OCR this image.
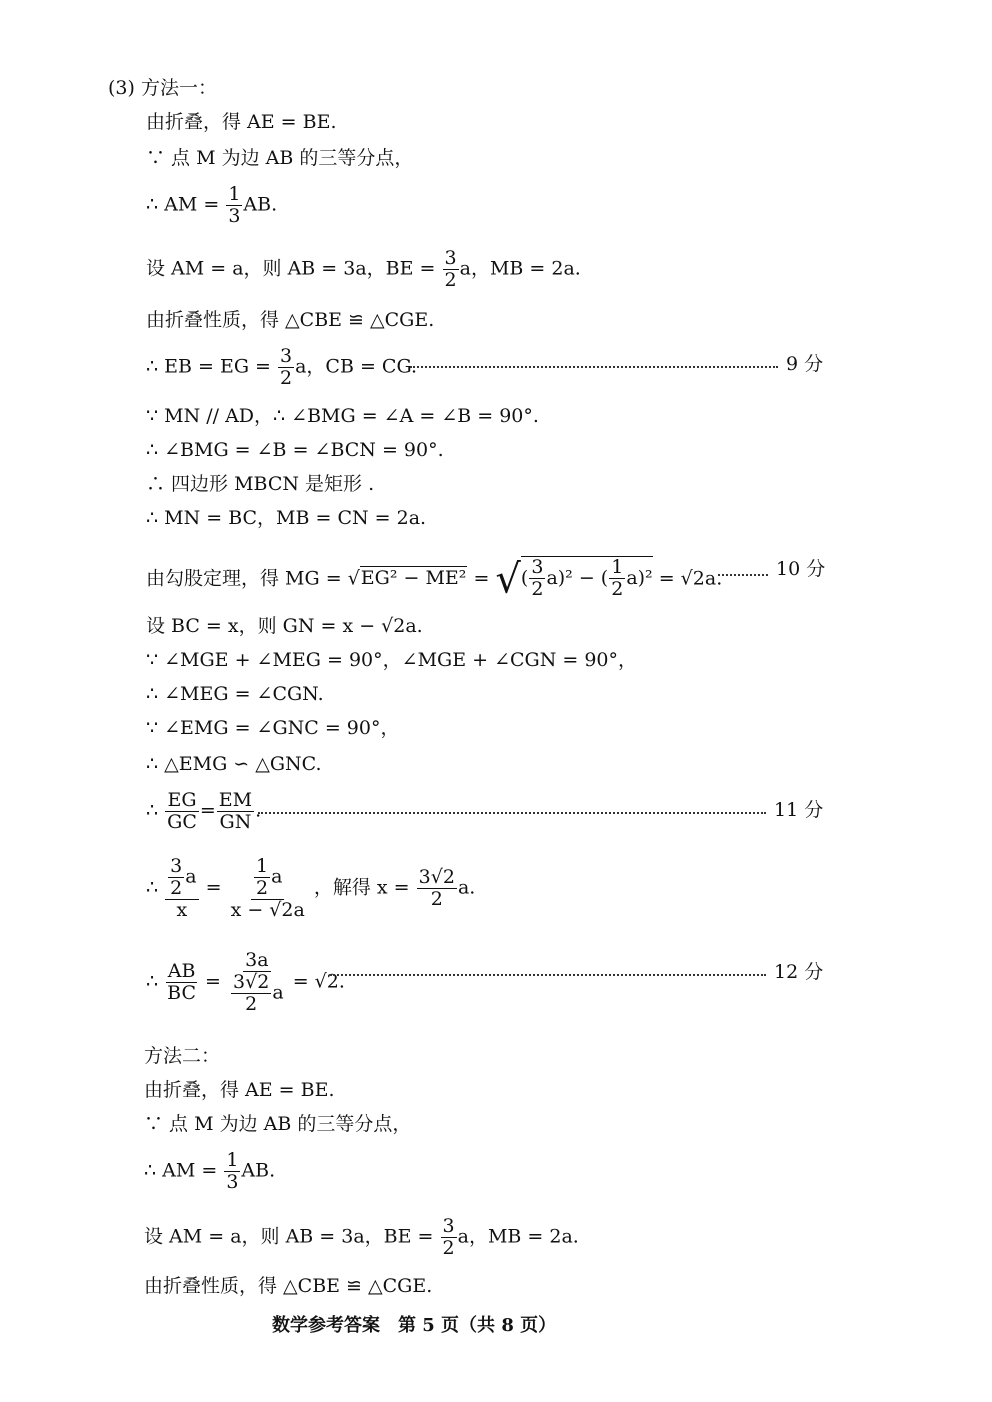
(3) 方法一：
由折叠，得 AE = BE.
∵ 点 M 为边 AB 的三等分点，
∴ AM = $\frac{1}{3}$ AB.
设 AM = a，则 AB = 3a，BE = $\frac{3}{2}$ a，MB = 2a.
由折叠性质，得 △CBE ≌ △CGE.
∴ EB = EG = $\frac{3}{2}$ a，CB = CG.	9 分
∵ MN // AD，∴ ∠BMG = ∠A = ∠B = 90°.
∴ ∠BMG = ∠B = ∠BCN = 90°.
∴ 四边形 MBCN 是矩形 .
∴ MN = BC，MB = CN = 2a.
由勾股定理，得 MG = √EG² − ME² = √ ( $\frac{3}{2} a)^2$ − ( $\frac{1}{2} a)^2 = √2a$.	10 分
设 BC = x，则 GN = x − √2a.
∵ ∠MGE + ∠MEG = 90°，∠MGE + ∠CGN = 90°，
∴ ∠MEG = ∠CGN.
∵ ∠EMG = ∠GNC = 90°，
∴ △EMG ∽ △GNC.
∴ $\frac{EG}{GC} = \frac{EM}{GN}$ .	11 分
∴ $\frac{\frac{3}{2} a}{x} = \frac{\frac{1}{2} a}{x - √2a}$ ，解得 $x = \frac{3√2}{2} a$.
∴ $\frac{AB}{BC} = \frac{3a}{\frac{3√2}{2} a} = √2$.	12 分
方法二：
由折叠，得 AE = BE.
∵ 点 M 为边 AB 的三等分点，
∴ AM = $\frac{1}{3}$ AB.
设 AM = a，则 AB = 3a，BE = $\frac{3}{2}$ a，MB = 2a.
由折叠性质，得 △CBE ≌ △CGE.
数学参考答案　第 5 页（共 8 页）
